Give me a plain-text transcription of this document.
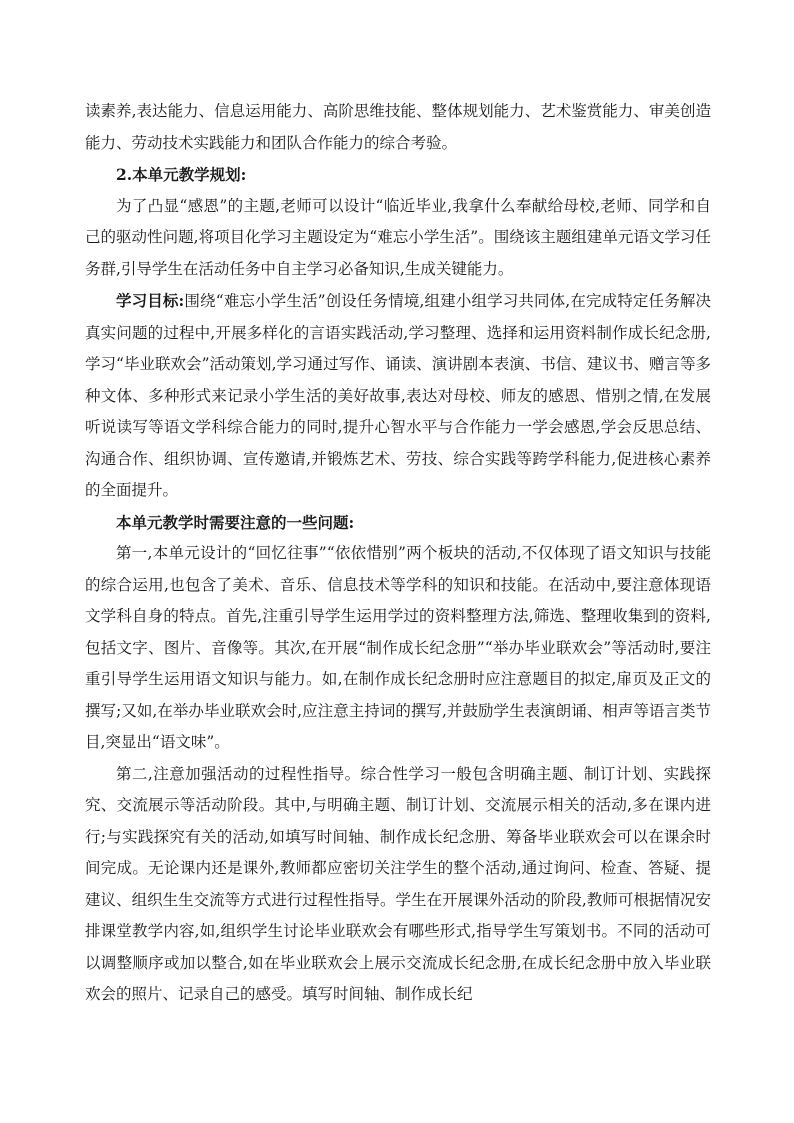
读素养,表达能力、信息运用能力、高阶思维技能、整体规划能力、艺术鉴赏能力、审美创造能力、劳动技术实践能力和团队合作能力的综合考验。

2.本单元教学规划:

为了凸显“感恩”的主题,老师可以设计“临近毕业,我拿什么奉献给母校,老师、同学和自己的驱动性问题,将项目化学习主题设定为“难忘小学生活”。围绕该主题组建单元语文学习任务群,引导学生在活动任务中自主学习必备知识,生成关键能力。

学习目标:围绕“难忘小学生活”创设任务情境,组建小组学习共同体,在完成特定任务解决真实问题的过程中,开展多样化的言语实践活动,学习整理、选择和运用资料制作成长纪念册,学习“毕业联欢会”活动策划,学习通过写作、诵读、演讲剧本表演、书信、建议书、赠言等多种文体、多种形式来记录小学生活的美好故事,表达对母校、师友的感恩、惜别之情,在发展听说读写等语文学科综合能力的同时,提升心智水平与合作能力一学会感恩,学会反思总结、沟通合作、组织协调、宣传邀请,并锻炼艺术、劳技、综合实践等跨学科能力,促进核心素养的全面提升。

本单元教学时需要注意的一些问题:

第一,本单元设计的“回忆往事”“依依惜别”两个板块的活动,不仅体现了语文知识与技能的综合运用,也包含了美术、音乐、信息技术等学科的知识和技能。在活动中,要注意体现语文学科自身的特点。首先,注重引导学生运用学过的资料整理方法,筛选、整理收集到的资料,包括文字、图片、音像等。其次,在开展“制作成长纪念册”“举办毕业联欢会”等活动时,要注重引导学生运用语文知识与能力。如,在制作成长纪念册时应注意题目的拟定,扉页及正文的撰写;又如,在举办毕业联欢会时,应注意主持词的撰写,并鼓励学生表演朗诵、相声等语言类节目,突显出“语文味”。

第二,注意加强活动的过程性指导。综合性学习一般包含明确主题、制订计划、实践探究、交流展示等活动阶段。其中,与明确主题、制订计划、交流展示相关的活动,多在课内进行;与实践探究有关的活动,如填写时间轴、制作成长纪念册、筹备毕业联欢会可以在课余时间完成。无论课内还是课外,教师都应密切关注学生的整个活动,通过询问、检查、答疑、提建议、组织生生交流等方式进行过程性指导。学生在开展课外活动的阶段,教师可根据情况安排课堂教学内容,如,组织学生讨论毕业联欢会有哪些形式,指导学生写策划书。不同的活动可以调整顺序或加以整合,如在毕业联欢会上展示交流成长纪念册,在成长纪念册中放入毕业联欢会的照片、记录自己的感受。填写时间轴、制作成长纪
